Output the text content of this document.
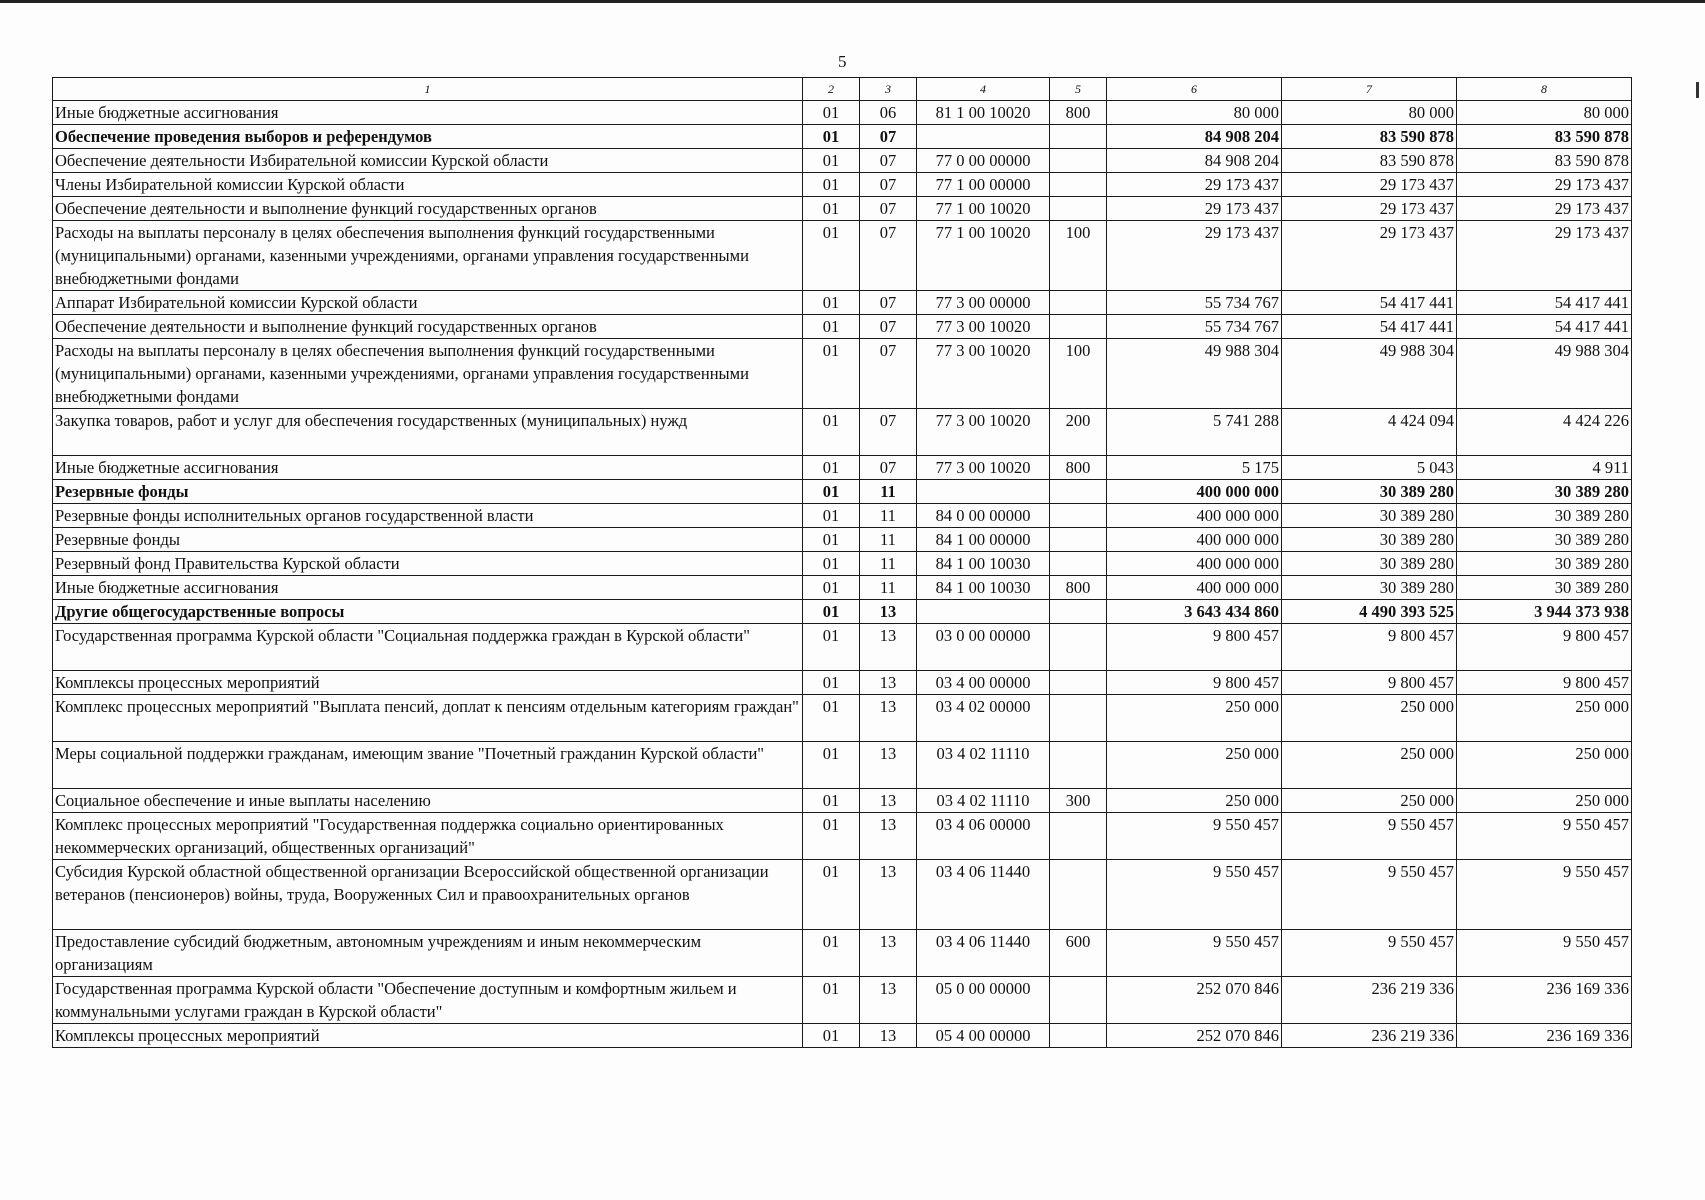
5
1	2	3	4	5	6	7	8
Иные бюджетные ассигнования	01	06	81 1 00 10020	800	80 000	80 000	80 000
Обеспечение проведения выборов и референдумов	01	07			84 908 204	83 590 878	83 590 878
Обеспечение деятельности Избирательной комиссии Курской области	01	07	77 0 00 00000		84 908 204	83 590 878	83 590 878
Члены Избирательной комиссии Курской области	01	07	77 1 00 00000		29 173 437	29 173 437	29 173 437
Обеспечение деятельности и выполнение функций государственных органов	01	07	77 1 00 10020		29 173 437	29 173 437	29 173 437
Расходы на выплаты персоналу в целях обеспечения выполнения функций государственными (муниципальными) органами, казенными учреждениями, органами управления государственными внебюджетными фондами	01	07	77 1 00 10020	100	29 173 437	29 173 437	29 173 437
Аппарат Избирательной комиссии Курской области	01	07	77 3 00 00000		55 734 767	54 417 441	54 417 441
Обеспечение деятельности и выполнение функций государственных органов	01	07	77 3 00 10020		55 734 767	54 417 441	54 417 441
Расходы на выплаты персоналу в целях обеспечения выполнения функций государственными (муниципальными) органами, казенными учреждениями, органами управления государственными внебюджетными фондами	01	07	77 3 00 10020	100	49 988 304	49 988 304	49 988 304
Закупка товаров, работ и услуг для обеспечения государственных (муниципальных) нужд	01	07	77 3 00 10020	200	5 741 288	4 424 094	4 424 226
Иные бюджетные ассигнования	01	07	77 3 00 10020	800	5 175	5 043	4 911
Резервные фонды	01	11			400 000 000	30 389 280	30 389 280
Резервные фонды исполнительных органов государственной власти	01	11	84 0 00 00000		400 000 000	30 389 280	30 389 280
Резервные фонды	01	11	84 1 00 00000		400 000 000	30 389 280	30 389 280
Резервный фонд Правительства Курской области	01	11	84 1 00 10030		400 000 000	30 389 280	30 389 280
Иные бюджетные ассигнования	01	11	84 1 00 10030	800	400 000 000	30 389 280	30 389 280
Другие общегосударственные вопросы	01	13			3 643 434 860	4 490 393 525	3 944 373 938
Государственная программа Курской области "Социальная поддержка граждан в Курской области"	01	13	03 0 00 00000		9 800 457	9 800 457	9 800 457
Комплексы процессных мероприятий	01	13	03 4 00 00000		9 800 457	9 800 457	9 800 457
Комплекс процессных мероприятий "Выплата пенсий, доплат к пенсиям отдельным категориям граждан"	01	13	03 4 02 00000		250 000	250 000	250 000
Меры социальной поддержки гражданам, имеющим звание "Почетный гражданин Курской области"	01	13	03 4 02 11110		250 000	250 000	250 000
Социальное обеспечение и иные выплаты населению	01	13	03 4 02 11110	300	250 000	250 000	250 000
Комплекс процессных мероприятий "Государственная поддержка социально ориентированных некоммерческих организаций, общественных организаций"	01	13	03 4 06 00000		9 550 457	9 550 457	9 550 457
Субсидия Курской областной общественной организации Всероссийской общественной организации ветеранов (пенсионеров) войны, труда, Вооруженных Сил и правоохранительных органов	01	13	03 4 06 11440		9 550 457	9 550 457	9 550 457
Предоставление субсидий бюджетным, автономным учреждениям и иным некоммерческим организациям	01	13	03 4 06 11440	600	9 550 457	9 550 457	9 550 457
Государственная программа Курской области "Обеспечение доступным и комфортным жильем и коммунальными услугами граждан в Курской области"	01	13	05 0 00 00000		252 070 846	236 219 336	236 169 336
Комплексы процессных мероприятий	01	13	05 4 00 00000		252 070 846	236 219 336	236 169 336
